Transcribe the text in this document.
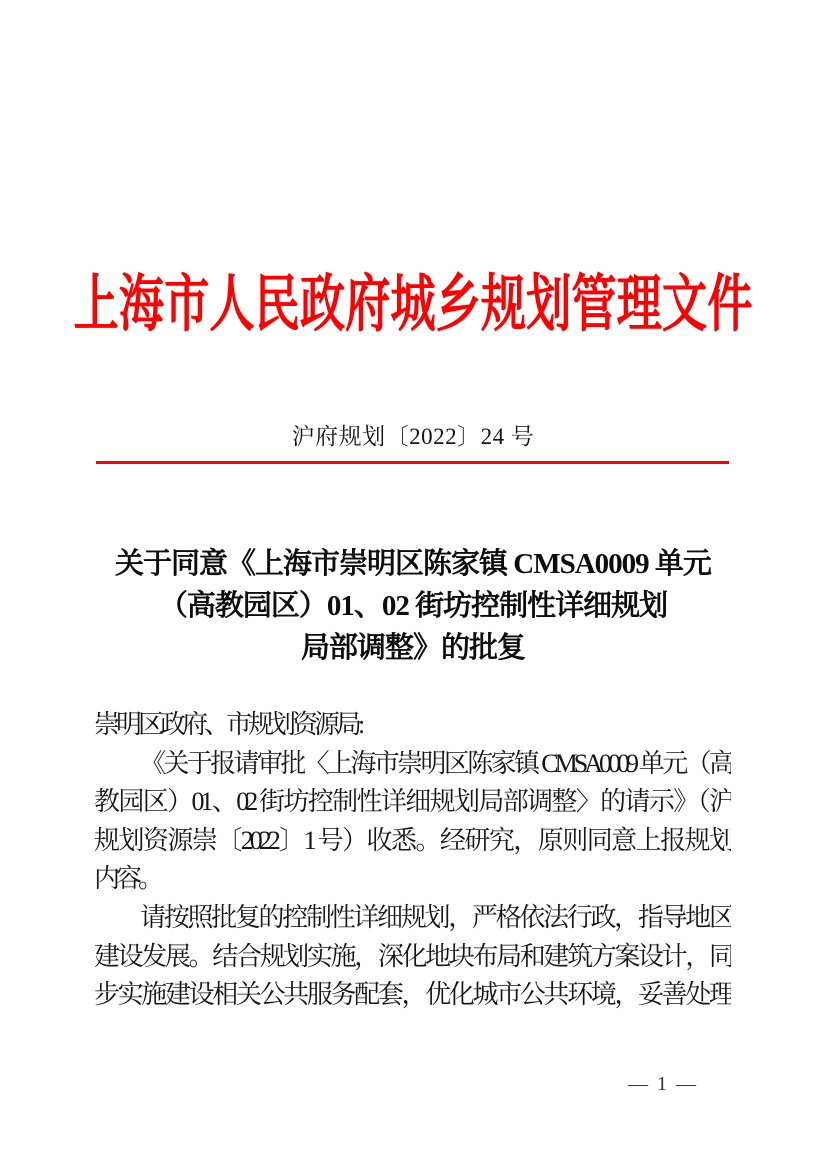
上海市人民政府城乡规划管理文件
沪府规划〔2022〕24 号
关于同意《上海市崇明区陈家镇 CMSA0009 单元
（高教园区）01、02 街坊控制性详细规划
局部调整》的批复
崇明区政府、市规划资源局:
《关于报请审批〈上海市崇明区陈家镇 CMSA0009 单元（高
教园区）01、02 街坊控制性详细规划局部调整〉的请示》（沪
规划资源崇〔2022〕1 号）收悉。经研究，原则同意上报规划
内容。
请按照批复的控制性详细规划，严格依法行政，指导地区
建设发展。结合规划实施，深化地块布局和建筑方案设计，同
步实施建设相关公共服务配套，优化城市公共环境，妥善处理
— 1 —
